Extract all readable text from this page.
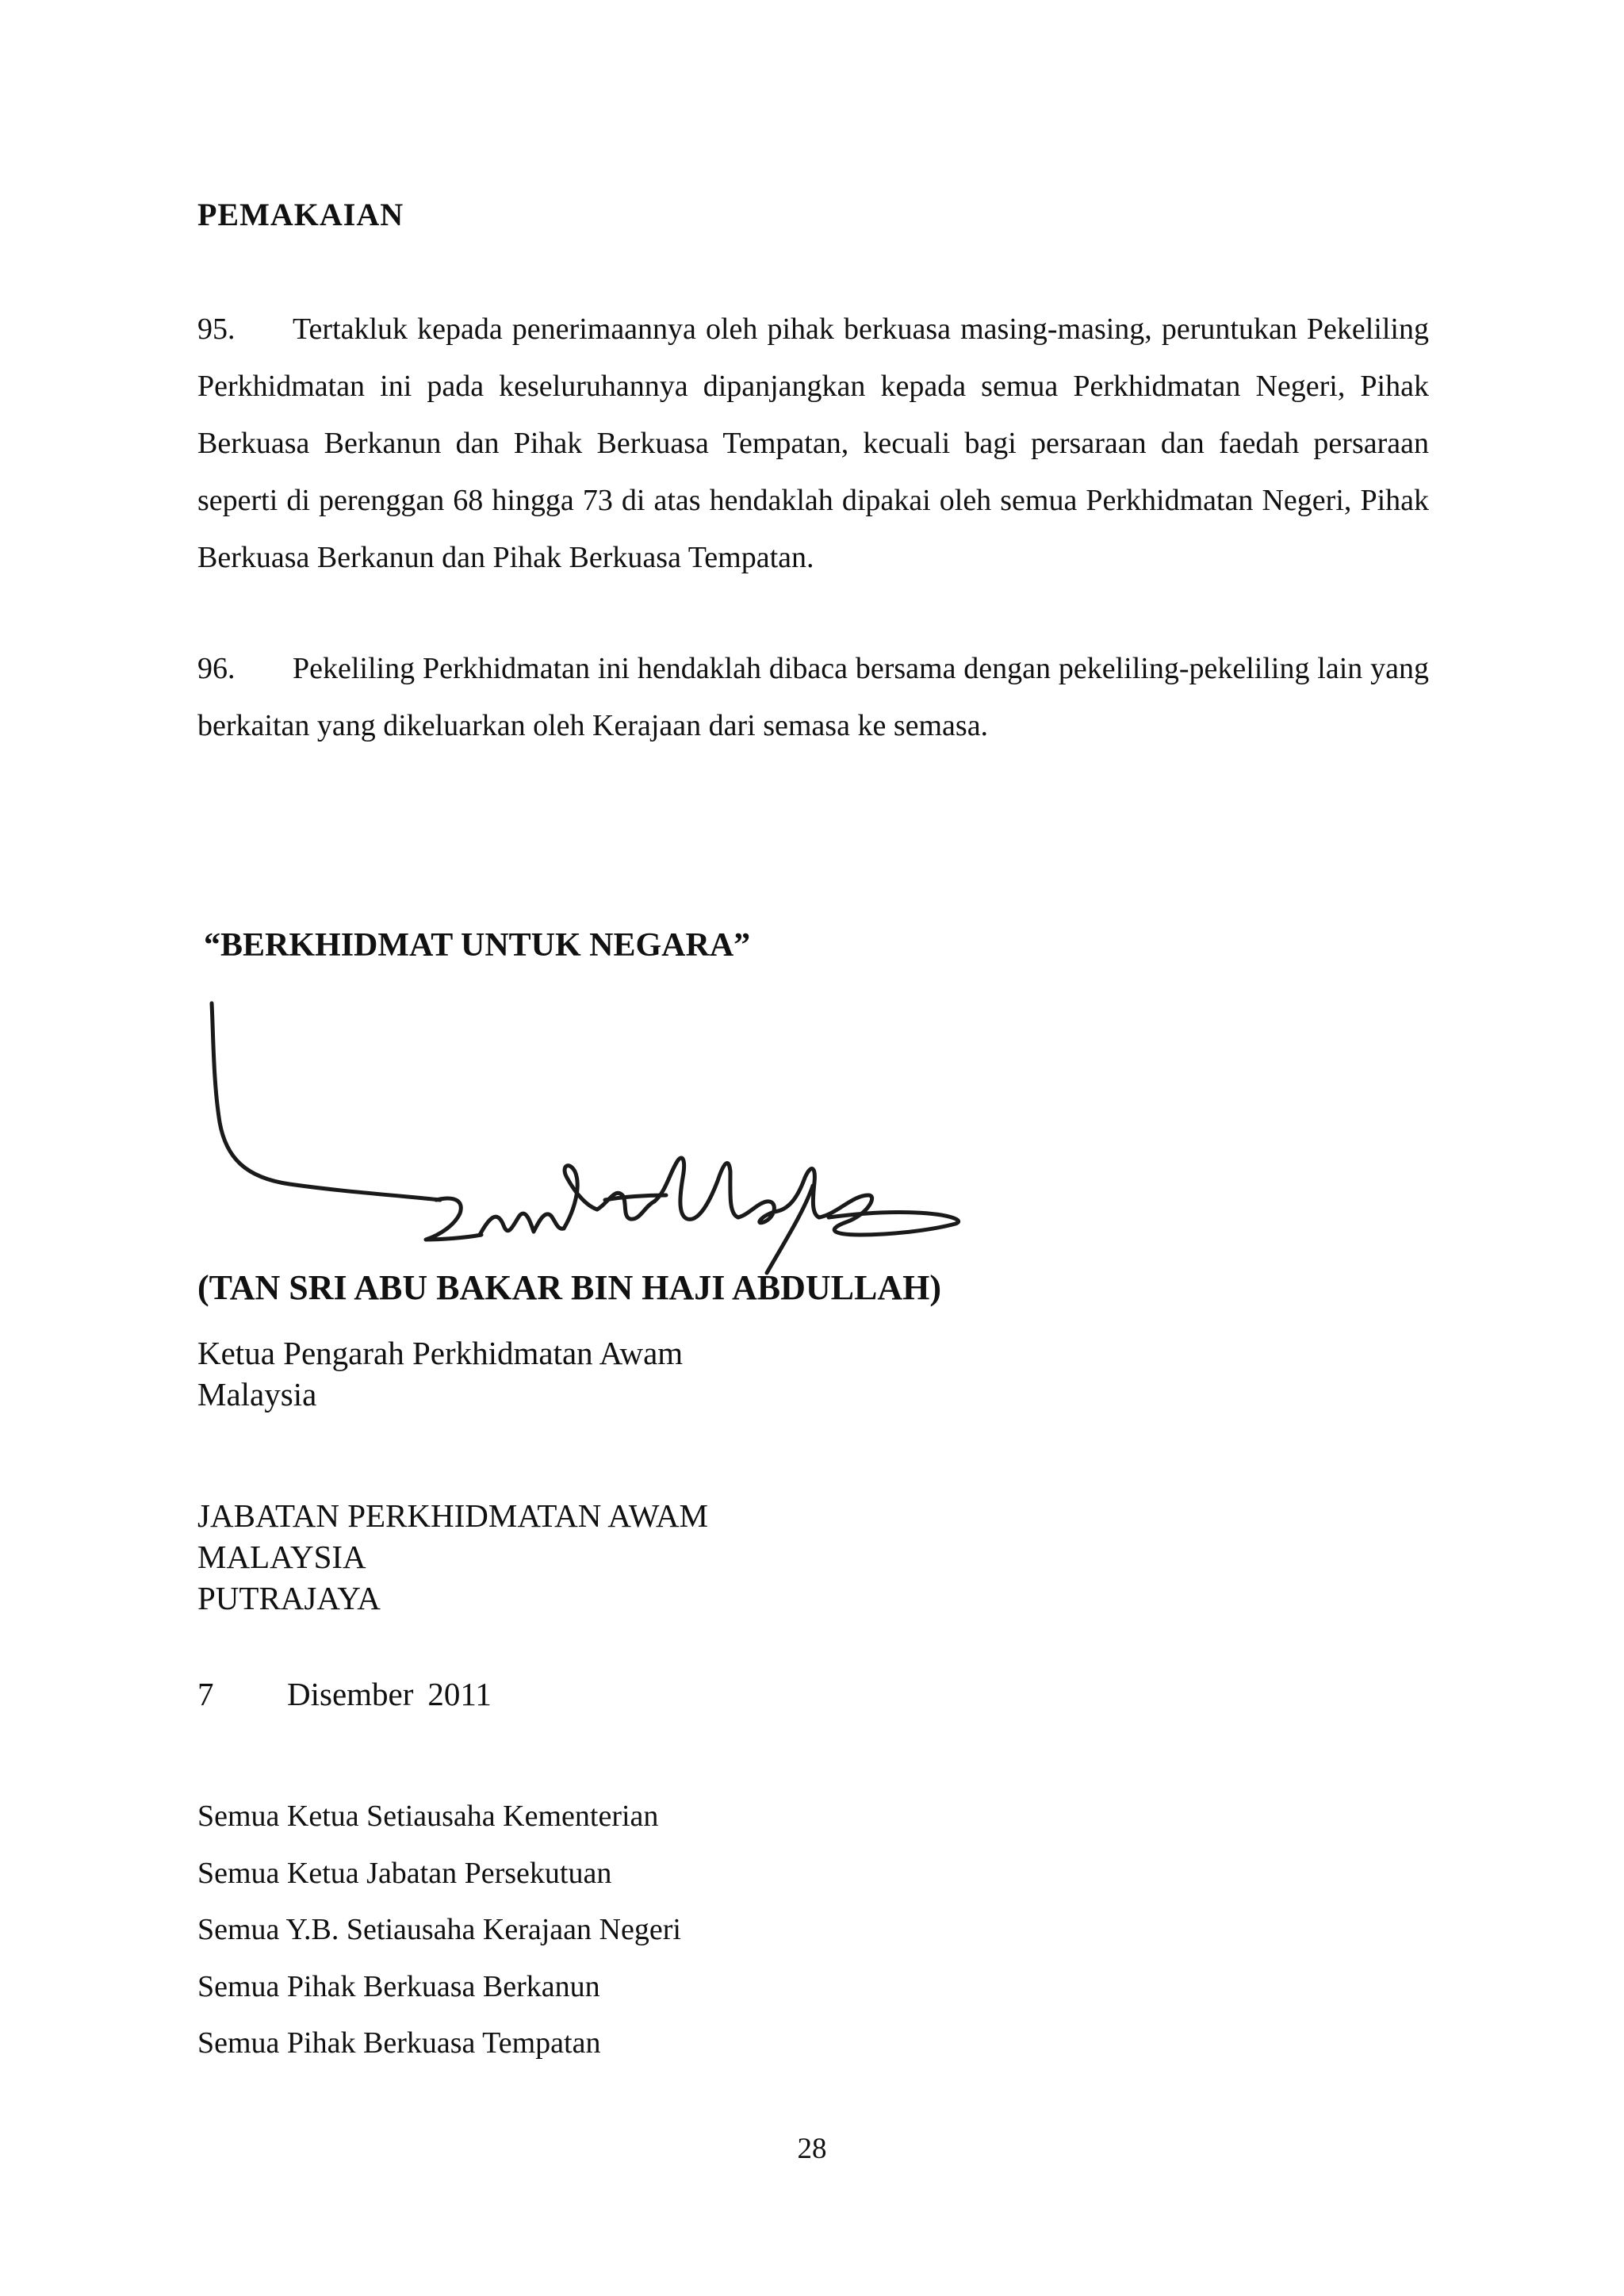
PEMAKAIAN
95. Tertakluk kepada penerimaannya oleh pihak berkuasa masing-masing, peruntukan Pekeliling Perkhidmatan ini pada keseluruhannya dipanjangkan kepada semua Perkhidmatan Negeri, Pihak Berkuasa Berkanun dan Pihak Berkuasa Tempatan, kecuali bagi persaraan dan faedah persaraan seperti di perenggan 68 hingga 73 di atas hendaklah dipakai oleh semua Perkhidmatan Negeri, Pihak Berkuasa Berkanun dan Pihak Berkuasa Tempatan.
96. Pekeliling Perkhidmatan ini hendaklah dibaca bersama dengan pekeliling-pekeliling lain yang berkaitan yang dikeluarkan oleh Kerajaan dari semasa ke semasa.
“BERKHIDMAT UNTUK NEGARA”
(TAN SRI ABU BAKAR BIN HAJI ABDULLAH)
Ketua Pengarah Perkhidmatan Awam
Malaysia
JABATAN PERKHIDMATAN AWAM
MALAYSIA
PUTRAJAYA
7 Disember 2011
Semua Ketua Setiausaha Kementerian
Semua Ketua Jabatan Persekutuan
Semua Y.B. Setiausaha Kerajaan Negeri
Semua Pihak Berkuasa Berkanun
Semua Pihak Berkuasa Tempatan
28
